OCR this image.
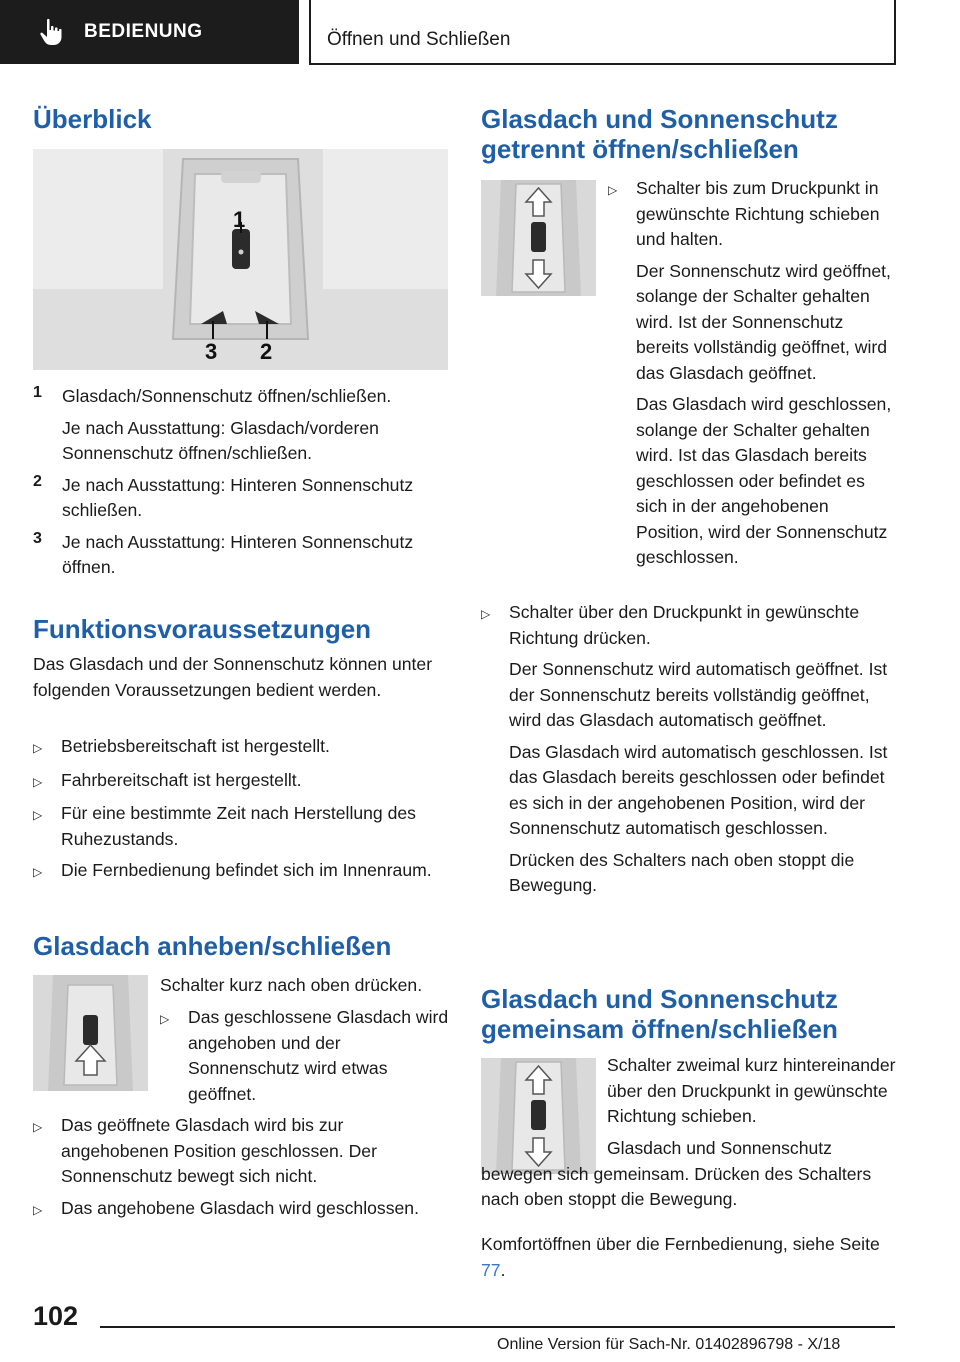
BEDIENUNG	Öffnen und Schließen
Überblick
1
3 2
1	Glasdach/Sonnenschutz öffnen/schließen.

Je nach Ausstattung: Glasdach/vorderen Sonnenschutz öffnen/schließen.

2	Je nach Ausstattung: Hinteren Sonnenschutz schließen.

3	Je nach Ausstattung: Hinteren Sonnenschutz öffnen.

Funktionsvoraussetzungen

Das Glasdach und der Sonnenschutz können unter folgenden Voraussetzungen bedient werden.

▷	Betriebsbereitschaft ist hergestellt.
▷	Fahrbereitschaft ist hergestellt.
▷	Für eine bestimmte Zeit nach Herstellung des Ruhezustands.
▷	Die Fernbedienung befindet sich im Innenraum.
Glasdach anheben/schließen

Schalter kurz nach oben drücken.

▷	Das geschlossene Glasdach wird angehoben und der Sonnenschutz wird etwas geöffnet.
▷	Das geöffnete Glasdach wird bis zur angehobenen Position geschlossen. Der Sonnenschutz bewegt sich nicht.
▷	Das angehobene Glasdach wird geschlossen.
Glasdach und Sonnenschutz
getrennt öffnen/schließen
▷	Schalter bis zum Druckpunkt in gewünschte Richtung schieben und halten.

Der Sonnenschutz wird geöffnet, solange der Schalter gehalten wird. Ist der Sonnenschutz bereits vollständig geöffnet, wird das Glasdach geöffnet.

Das Glasdach wird geschlossen, solange der Schalter gehalten wird. Ist das Glasdach bereits geschlossen oder befindet es sich in der angehobenen Position, wird der Sonnenschutz geschlossen.

▷	Schalter über den Druckpunkt in gewünschte Richtung drücken.

Der Sonnenschutz wird automatisch geöffnet. Ist der Sonnenschutz bereits vollständig geöffnet, wird das Glasdach automatisch geöffnet.

Das Glasdach wird automatisch geschlossen. Ist das Glasdach bereits geschlossen oder befindet es sich in der angehobenen Position, wird der Sonnenschutz automatisch geschlossen.

Drücken des Schalters nach oben stoppt die Bewegung.

Glasdach und Sonnenschutz
gemeinsam öffnen/schließen

Schalter zweimal kurz hintereinander über den Druckpunkt in gewünschte Richtung schieben.

Glasdach und Sonnenschutz bewegen sich gemeinsam. Drücken des Schalters nach oben stoppt die Bewegung.

Komfortöffnen über die Fernbedienung, siehe Seite 77.

102
Online Version für Sach-Nr. 01402896798 - X/18
